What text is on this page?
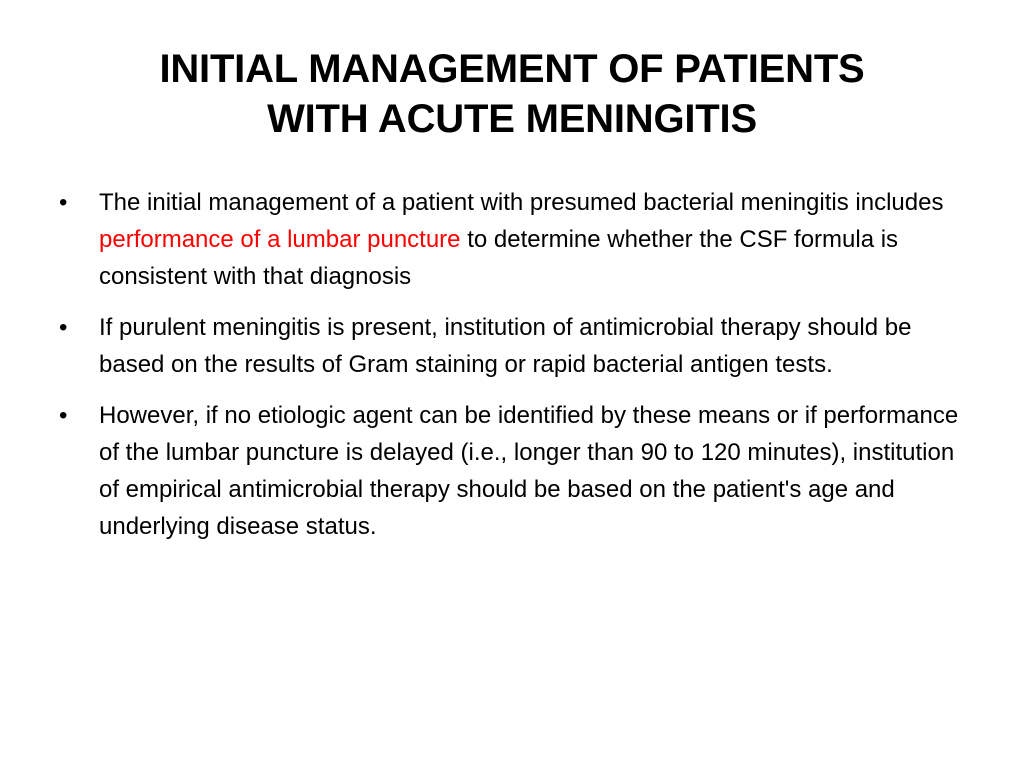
INITIAL MANAGEMENT OF PATIENTS
WITH ACUTE MENINGITIS
• The initial management of a patient with presumed bacterial meningitis includes performance of a lumbar puncture to determine whether the CSF formula is consistent with that diagnosis
• If purulent meningitis is present, institution of antimicrobial therapy should be based on the results of Gram staining or rapid bacterial antigen tests.
• However, if no etiologic agent can be identified by these means or if performance of the lumbar puncture is delayed (i.e., longer than 90 to 120 minutes), institution of empirical antimicrobial therapy should be based on the patient's age and underlying disease status.
